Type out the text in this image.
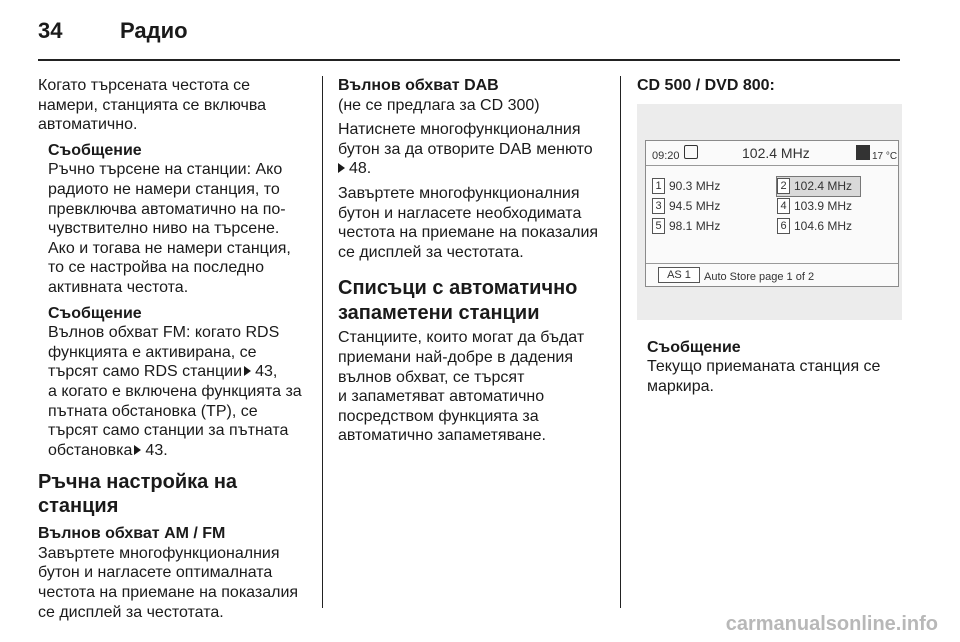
34	Радио

Когато търсената честота се
намери, станцията се включва
автоматично.

Съобщение
Ръчно търсене на станции: Ако
радиото не намери станция, то
превключва автоматично на по-
чувствително ниво на търсене.
Ако и тогава не намери станция,
то се настройва на последно
активната честота.
Съобщение
Вълнов обхват FM: когато RDS
функцията е активирана, се
търсят само RDS станции 43,
а когато е включена функцията за
пътната обстановка (TP), се
търсят само станции за пътната
обстановка 43.
Ръчна настройка на станция
Вълнов обхват AM / FM

Завъртете многофункционалния
бутон и нагласете оптималната
честота на приемане на показалия
се дисплей за честотата.

Вълнов обхват DAB

(не се предлага за CD 300)

Натиснете многофункционалния
бутон за да отворите DAB менюто
48.

Завъртете многофункционалния
бутон и нагласете необходимата
честота на приемане на показалия
се дисплей за честотата.

Списъци с автоматично
запаметени станции

Станциите, които могат да бъдат
приемани най-добре в дадения
вълнов обхват, се търсят
и запаметяват автоматично
посредством функцията за
автоматично запаметяване.

CD 500 / DVD 800:
09:20	102.4 MHz	17 °C
1 90.3 MHz	2 102.4 MHz
3 94.5 MHz	4 103.9 MHz
5 98.1 MHz	6 104.6 MHz
AS 1	Auto Store page 1 of 2
Съобщение
Текущо приеманата станция се
маркира.
carmanualsonline.info
